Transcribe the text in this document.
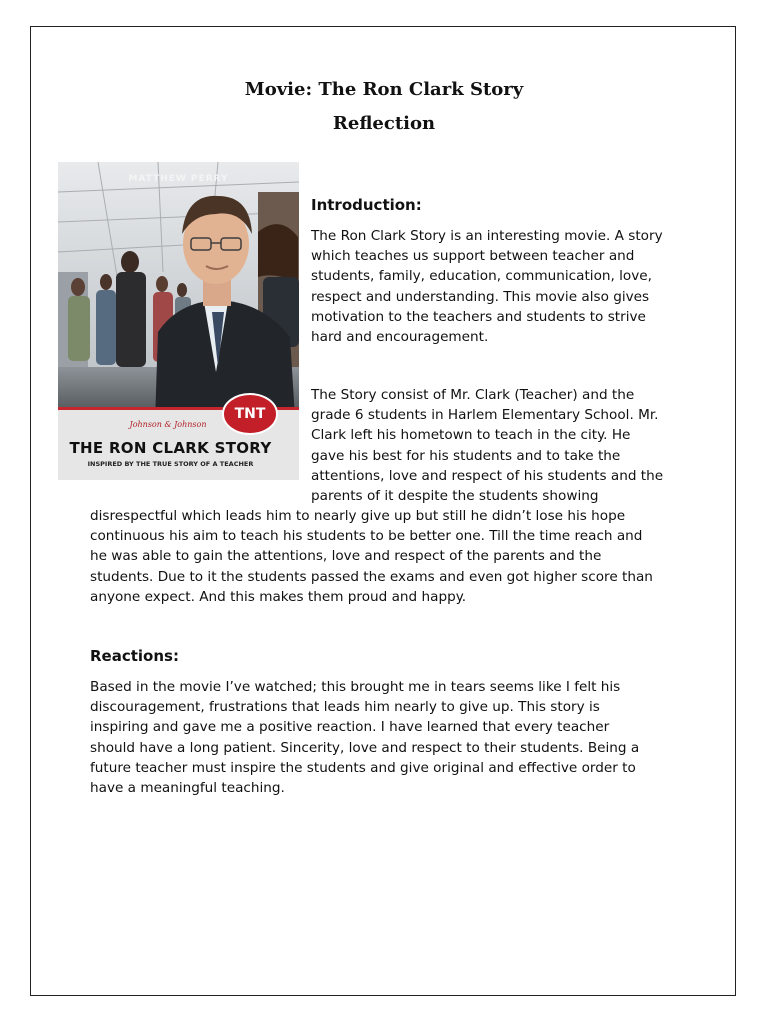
Movie: The Ron Clark Story
Reflection
MATTHEW PERRY
TNT
Johnson & Johnson
THE RON CLARK STORY
INSPIRED BY THE TRUE STORY OF A TEACHER
Introduction:

The Ron Clark Story is an interesting movie. A story
which teaches us support between teacher and
students, family, education, communication, love,
respect and understanding. This movie also gives
motivation to the teachers and students to strive
hard and encouragement.

The Story consist of Mr. Clark (Teacher) and the
grade 6 students in Harlem Elementary School. Mr.
Clark left his hometown to teach in the city. He
gave his best for his students and to take the
attentions, love and respect of his students and the
parents of it despite the students showing

disrespectful which leads him to nearly give up but still he didn’t lose his hope
continuous his aim to teach his students to be better one. Till the time reach and
he was able to gain the attentions, love and respect of the parents and the
students. Due to it the students passed the exams and even got higher score than
anyone expect. And this makes them proud and happy.

Reactions:

Based in the movie I’ve watched; this brought me in tears seems like I felt his
discouragement, frustrations that leads him nearly to give up. This story is
inspiring and gave me a positive reaction. I have learned that every teacher
should have a long patient. Sincerity, love and respect to their students. Being a
future teacher must inspire the students and give original and effective order to
have a meaningful teaching.
